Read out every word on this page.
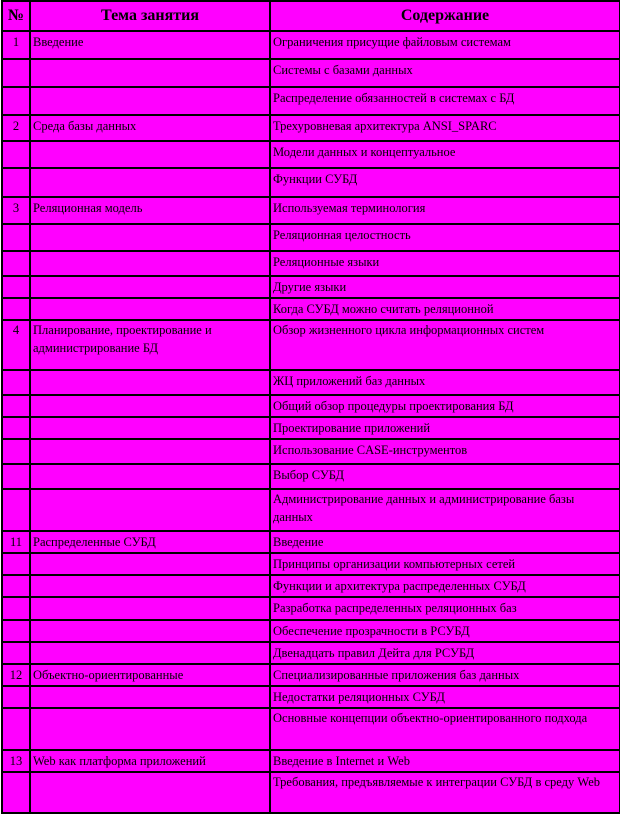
№	Тема занятия	Содержание
1	Введение	Ограничения присущие файловым системам
		Системы с базами данных
		Распределение обязанностей в системах с БД
2	Среда базы данных	Трехуровневая архитектура ANSI_SPARC
		Модели данных и концептуальное
		Функции СУБД
3	Реляционная модель	Используемая терминология
		Реляционная целостность
		Реляционные языки
		Другие языки
		Когда СУБД можно считать реляционной
4	Планирование, проектирование и администрирование БД	Обзор жизненного цикла информационных систем
		ЖЦ приложений баз данных
		Общий обзор процедуры проектирования БД
		Проектирование приложений
		Использование CASE-инструментов
		Выбор СУБД
		Администрирование данных и администрирование базы данных
11	Распределенные СУБД	Введение
		Принципы организации компьютерных сетей
		Функции и архитектура распределенных СУБД
		Разработка распределенных реляционных баз
		Обеспечение прозрачности в РСУБД
		Двенадцать правил Дейта для РСУБД
12	Объектно-ориентированные	Специализированные приложения баз данных
		Недостатки реляционных СУБД
		Основные концепции объектно-ориентированного подхода
13	Web как платформа приложений	Введение в Internet и Web
		Требования, предъявляемые к интеграции СУБД в среду Web
